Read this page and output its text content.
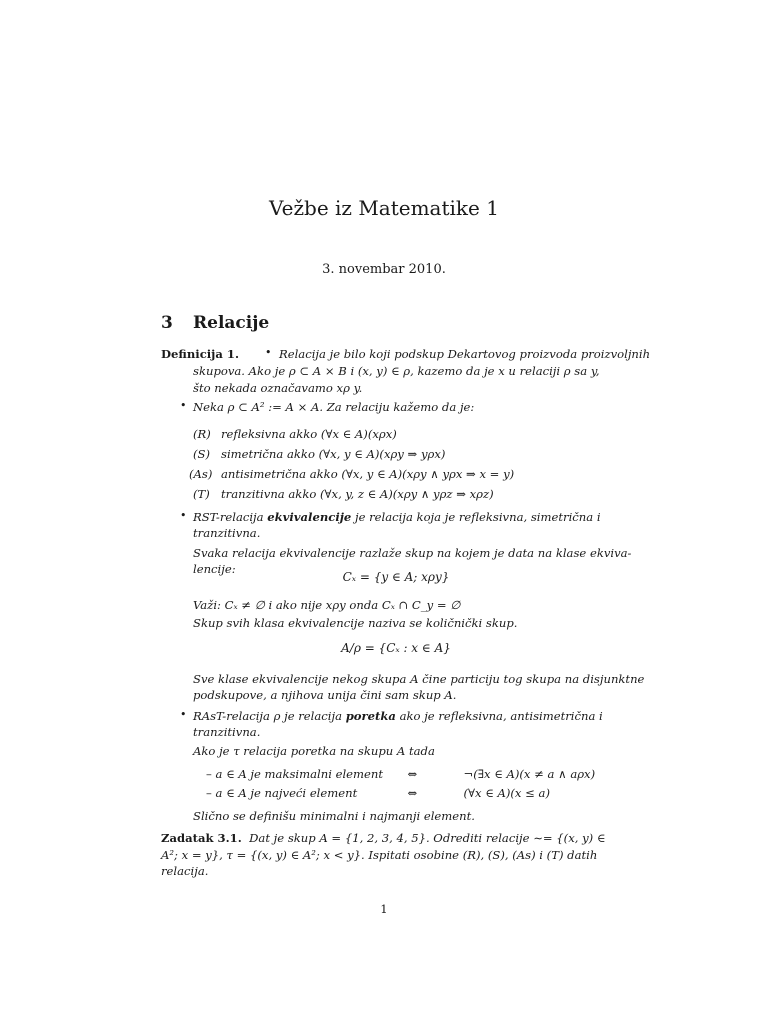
Vežbe iz Matematike 1
3. novembar 2010.
3 Relacije
Definicija 1. • Relacija je bilo koji podskup Dekartovog proizvoda proizvoljnih
skupova. Ako je ρ ⊂ A × B i (x, y) ∈ ρ, kazemo da je x u relaciji ρ sa y,
što nekada označavamo xρ y.
• Neka ρ ⊂ A² := A × A. Za relaciju kažemo da je:
(R) refleksivna akko (∀x ∈ A)(xρx)
(S) simetrična akko (∀x, y ∈ A)(xρy ⇒ yρx)
(As) antisimetrična akko (∀x, y ∈ A)(xρy ∧ yρx ⇒ x = y)
(T) tranzitivna akko (∀x, y, z ∈ A)(xρy ∧ yρz ⇒ xρz)
• RST-relacija ekvivalencije je relacija koja je refleksivna, simetrična i
tranzitivna.
Svaka relacija ekvivalencije razlaže skup na kojem je data na klase ekviva-
lencije:
Cₓ = {y ∈ A; xρy}
Važi: Cₓ ≠ ∅ i ako nije xρy onda Cₓ ∩ C_y = ∅
Skup svih klasa ekvivalencije naziva se količnički skup.
A/ρ = {Cₓ : x ∈ A}
Sve klase ekvivalencije nekog skupa A čine particiju tog skupa na disjunktne
podskupove, a njihova unija čini sam skup A.
• RAsT-relacija ρ je relacija poretka ako je refleksivna, antisimetrična i
tranzitivna.
Ako je τ relacija poretka na skupu A tada
– a ∈ A je maksimalni element ⇔	¬(∃x ∈ A)(x ≠ a ∧ aρx)
– a ∈ A je najveći element	⇔	(∀x ∈ A)(x ≤ a)
Slično se definišu minimalni i najmanji element.
Zadatak 3.1. Dat je skup A = {1, 2, 3, 4, 5}. Odrediti relacije ∼= {(x, y) ∈
A²; x = y}, τ = {(x, y) ∈ A²; x < y}. Ispitati osobine (R), (S), (As) i (T) datih
relacija.
1
